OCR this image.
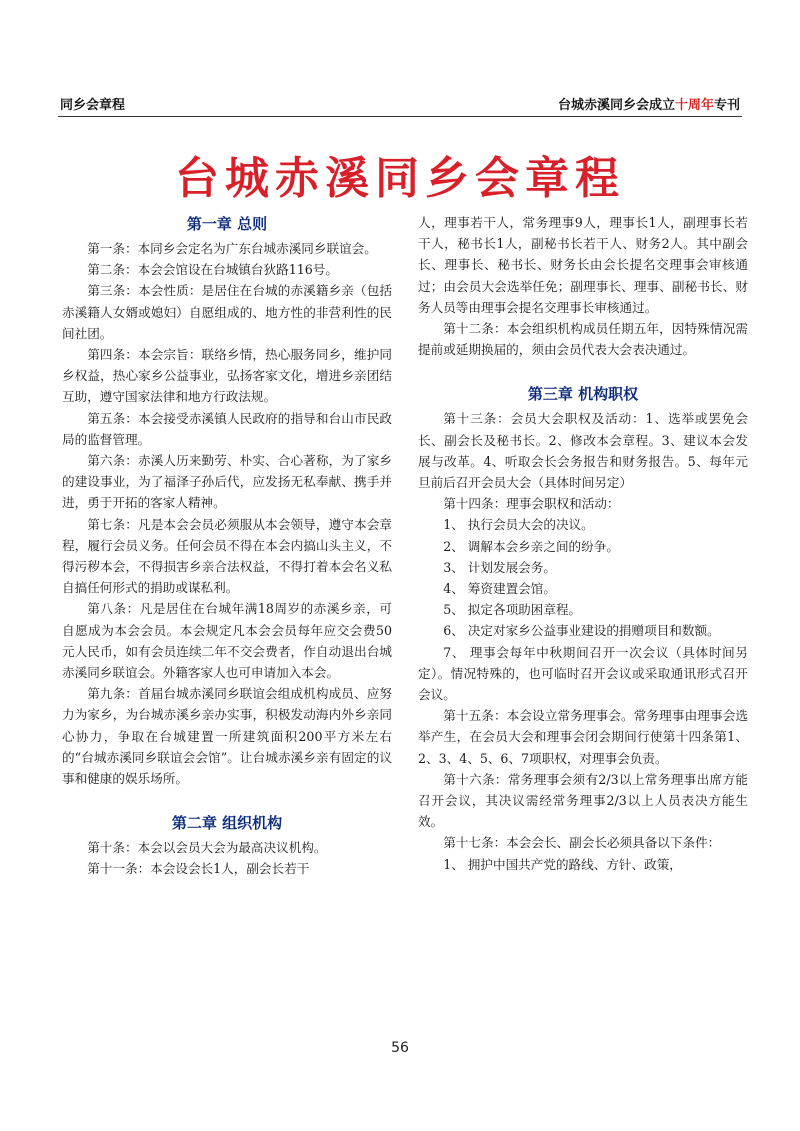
同乡会章程	台城赤溪同乡会成立十周年专刊
台城赤溪同乡会章程
第一章 总则

第一条：本同乡会定名为广东台城赤溪同乡联谊会。

第二条：本会会馆设在台城镇台狄路116号。

第三条：本会性质：是居住在台城的赤溪籍乡亲（包括赤溪籍人女婿或媳妇）自愿组成的、地方性的非营利性的民间社团。

第四条：本会宗旨：联络乡情，热心服务同乡，维护同乡权益，热心家乡公益事业，弘扬客家文化，增进乡亲团结互助，遵守国家法律和地方行政法规。

第五条：本会接受赤溪镇人民政府的指导和台山市民政局的监督管理。

第六条：赤溪人历来勤劳、朴实、合心著称，为了家乡的建设事业，为了福泽子孙后代，应发扬无私奉献、携手并进，勇于开拓的客家人精神。

第七条：凡是本会会员必须服从本会领导，遵守本会章程，履行会员义务。任何会员不得在本会内搞山头主义，不得污秽本会，不得损害乡亲合法权益，不得打着本会名义私自搞任何形式的捐助或谋私利。

第八条：凡是居住在台城年满18周岁的赤溪乡亲，可自愿成为本会会员。本会规定凡本会会员每年应交会费50元人民币，如有会员连续二年不交会费者，作自动退出台城赤溪同乡联谊会。外籍客家人也可申请加入本会。

第九条：首届台城赤溪同乡联谊会组成机构成员、应努力为家乡，为台城赤溪乡亲办实事，积极发动海内外乡亲同心协力，争取在台城建置一所建筑面积200平方米左右的“台城赤溪同乡联谊会会馆”。让台城赤溪乡亲有固定的议事和健康的娱乐场所。

第二章 组织机构

第十条：本会以会员大会为最高决议机构。

第十一条：本会设会长1人，副会长若干

人，理事若干人，常务理事9人，理事长1人，副理事长若干人，秘书长1人，副秘书长若干人、财务2人。其中副会长、理事长、秘书长、财务长由会长提名交理事会审核通过；由会员大会选举任免；副理事长、理事、副秘书长、财务人员等由理事会提名交理事长审核通过。

第十二条：本会组织机构成员任期五年，因特殊情况需提前或延期换届的，须由会员代表大会表决通过。

第三章 机构职权

第十三条：会员大会职权及活动：1、选举或罢免会长、副会长及秘书长。2、修改本会章程。3、建议本会发展与改革。4、听取会长会务报告和财务报告。5、每年元旦前后召开会员大会（具体时间另定）

第十四条：理事会职权和活动：

1、 执行会员大会的决议。

2、 调解本会乡亲之间的纷争。

3、 计划发展会务。

4、 筹资建置会馆。

5、 拟定各项助困章程。

6、 决定对家乡公益事业建设的捐赠项目和数额。

7、 理事会每年中秋期间召开一次会议（具体时间另定）。情况特殊的，也可临时召开会议或采取通讯形式召开会议。

第十五条：本会设立常务理事会。常务理事由理事会选举产生，在会员大会和理事会闭会期间行使第十四条第1、2、3、4、5、6、7项职权，对理事会负责。

第十六条：常务理事会须有2/3以上常务理事出席方能召开会议，其决议需经常务理事2/3以上人员表决方能生效。

第十七条：本会会长、副会长必须具备以下条件：

1、 拥护中国共产党的路线、方针、政策，

56
